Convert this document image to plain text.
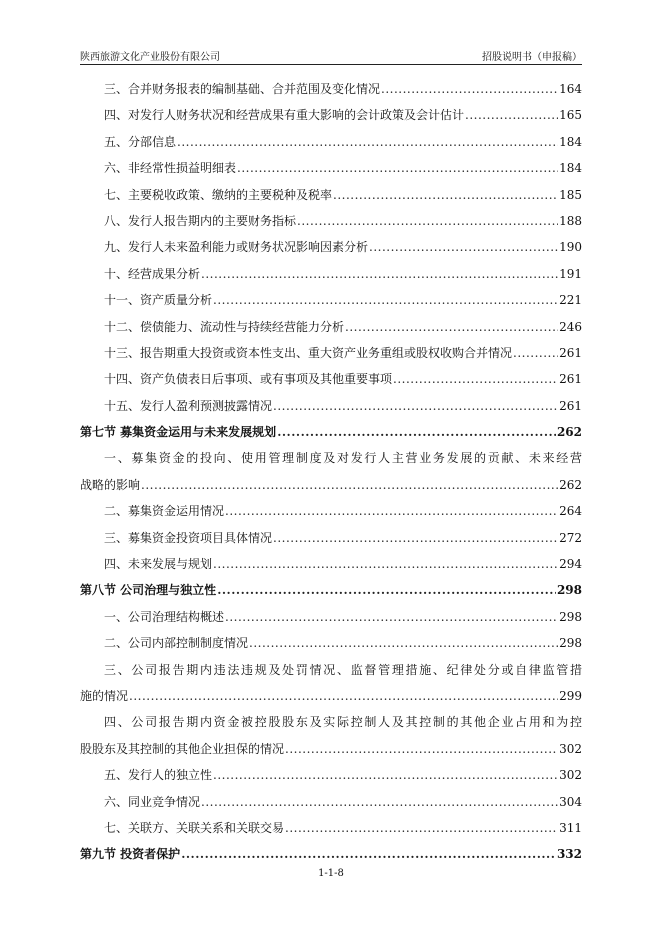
陕西旅游文化产业股份有限公司	招股说明书（申报稿）
三、合并财务报表的编制基础、合并范围及变化情况 .....	164
四、对发行人财务状况和经营成果有重大影响的会计政策及会计估计 .....	165
五、分部信息 .....	184
六、非经常性损益明细表 .....	184
七、主要税收政策、缴纳的主要税种及税率 .....	185
八、发行人报告期内的主要财务指标 .....	188
九、发行人未来盈利能力或财务状况影响因素分析 .....	190
十、经营成果分析 .....	191
十一、资产质量分析 .....	221
十二、偿债能力、流动性与持续经营能力分析 .....	246
十三、报告期重大投资或资本性支出、重大资产业务重组或股权收购合并情况 .....	261
十四、资产负债表日后事项、或有事项及其他重要事项 .....	261
十五、发行人盈利预测披露情况 .....	261
第七节 募集资金运用与未来发展规划 .....	262
一、募集资金的投向、使用管理制度及对发行人主营业务发展的贡献、未来经营
战略的影响 .....	262
二、募集资金运用情况 .....	264
三、募集资金投资项目具体情况 .....	272
四、未来发展与规划 .....	294
第八节 公司治理与独立性 .....	298
一、公司治理结构概述 .....	298
二、公司内部控制制度情况 .....	298
三、公司报告期内违法违规及处罚情况、监督管理措施、纪律处分或自律监管措
施的情况 .....	299
四、公司报告期内资金被控股股东及实际控制人及其控制的其他企业占用和为控
股股东及其控制的其他企业担保的情况 .....	302
五、发行人的独立性 .....	302
六、同业竞争情况 .....	304
七、关联方、关联关系和关联交易 .....	311
第九节 投资者保护 .....	332
1-1-8
